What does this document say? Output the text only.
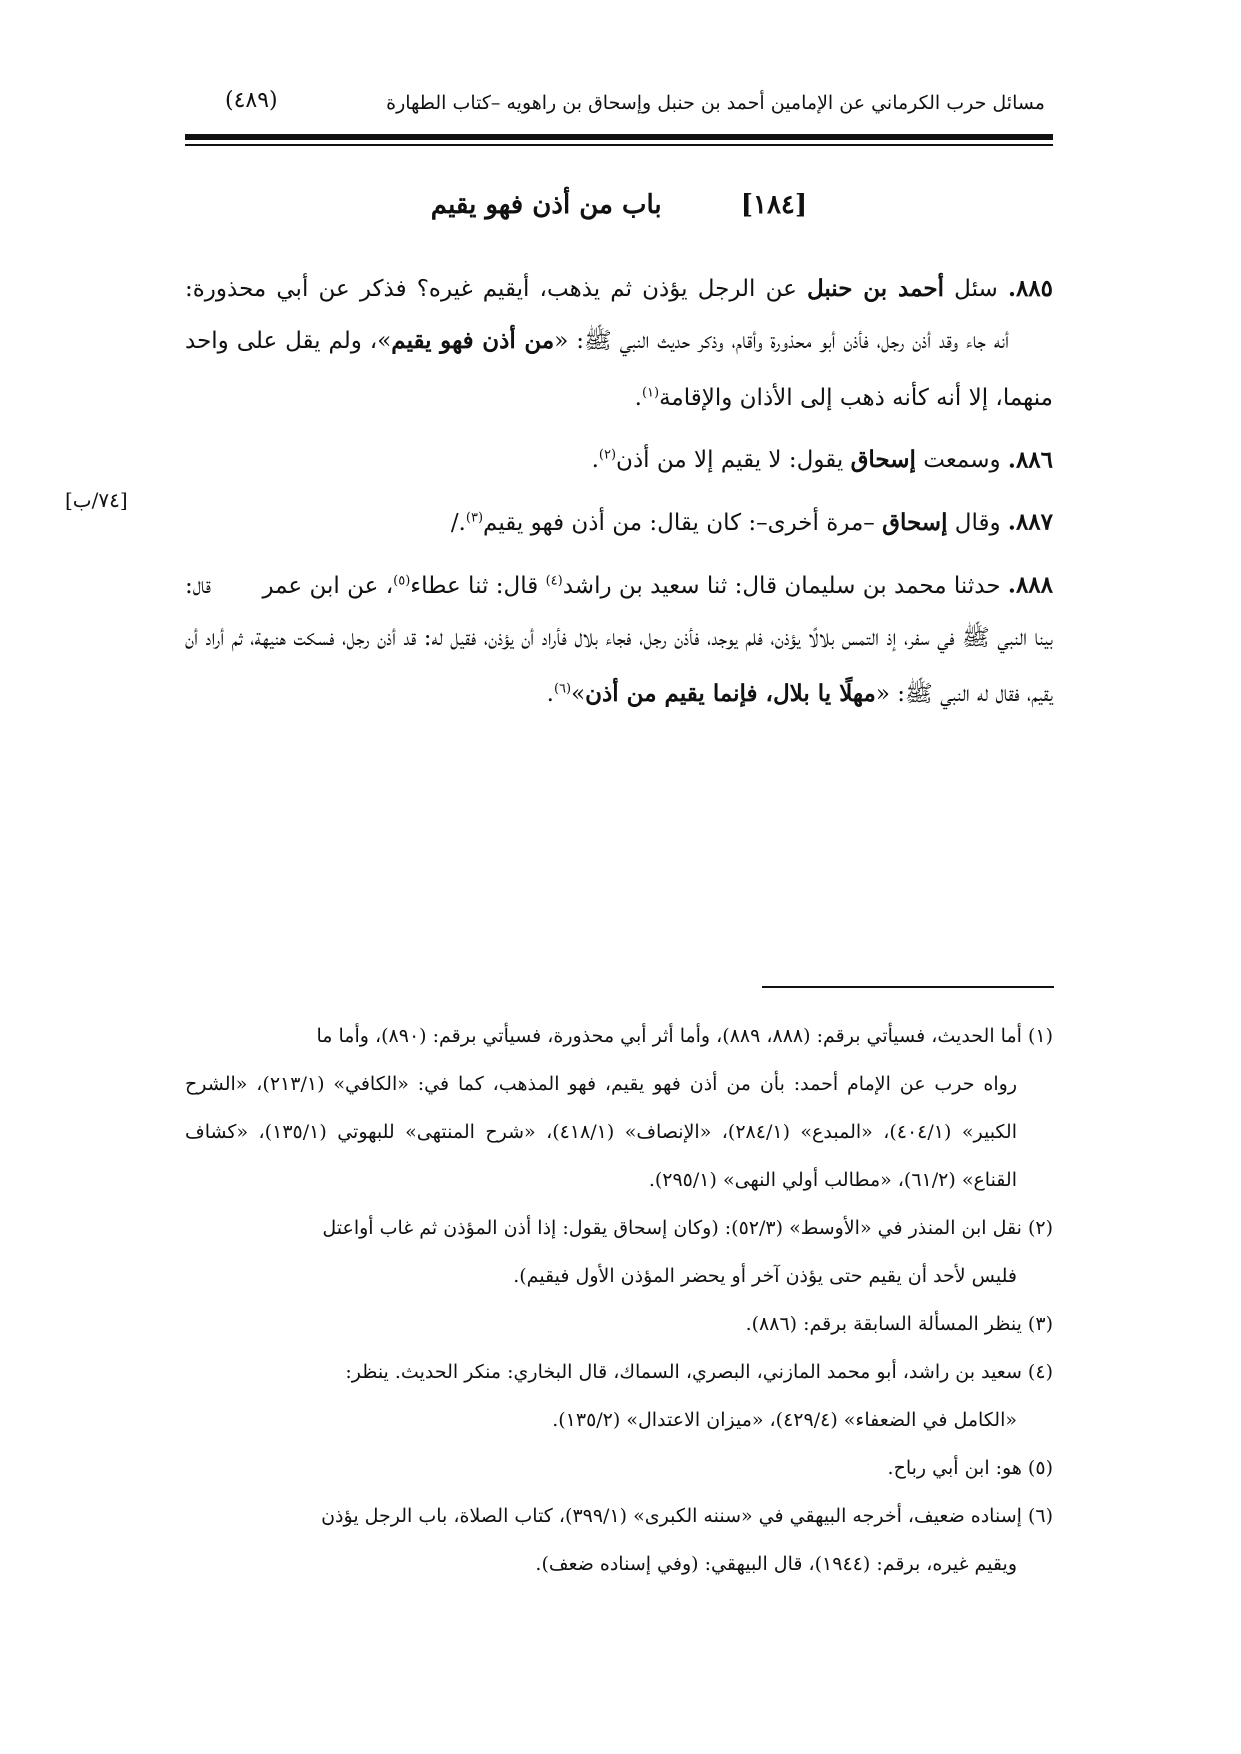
مسائل حرب الكرماني عن الإمامين أحمد بن حنبل وإسحاق بن راهويه –كتاب الطهارة
(٤٨٩)
[١٨٤] باب من أذن فهو يقيم
[٧٤/ب]

٨٨٥. سئل أحمد بن حنبل عن الرجل يؤذن ثم يذهب، أيقيم غيره؟ فذكر عن أبي محذورة: أنه جاء وقد أذن رجل، فأذن أبو محذورة وأقام، وذكر حديث النبي ﷺ: «من أذن فهو يقيم»، ولم يقل على واحد منهما، إلا أنه كأنه ذهب إلى الأذان والإقامة$^{(١)}$.

٨٨٦. وسمعت إسحاق يقول: لا يقيم إلا من أذن$^{(٢)}$.

٨٨٧. وقال إسحاق –مرة أخرى–: كان يقال: من أذن فهو يقيم$^{(٣)}$./

٨٨٨. حدثنا محمد بن سليمان قال: ثنا سعيد بن راشد$^{(٤)}$ قال: ثنا عطاء$^{(٥)}$، عن ابن عمر قال: بينا النبي ﷺ في سفر، إذ التمس بلالًا يؤذن، فلم يوجد، فأذن رجل، فجاء بلال فأراد أن يؤذن، فقيل له: قد أذن رجل، فسكت هنيهة، ثم أراد أن يقيم، فقال له النبي ﷺ: «مهلًا يا بلال، فإنما يقيم من أذن»$^{(٦)}$.

(١) أما الحديث، فسيأتي برقم: (٨٨٨، ٨٨٩)، وأما أثر أبي محذورة، فسيأتي برقم: (٨٩٠)، وأما ما
رواه حرب عن الإمام أحمد: بأن من أذن فهو يقيم، فهو المذهب، كما في: «الكافي» (٢١٣/١)، «الشرح الكبير» (٤٠٤/١)، «المبدع» (٢٨٤/١)، «الإنصاف» (٤١٨/١)، «شرح المنتهى» للبهوتي (١٣٥/١)، «كشاف القناع» (٦١/٢)، «مطالب أولي النهى» (٢٩٥/١).

(٢) نقل ابن المنذر في «الأوسط» (٥٢/٣): (وكان إسحاق يقول: إذا أذن المؤذن ثم غاب أواعتل
فليس لأحد أن يقيم حتى يؤذن آخر أو يحضر المؤذن الأول فيقيم).

(٣) ينظر المسألة السابقة برقم: (٨٨٦).

(٤) سعيد بن راشد، أبو محمد المازني، البصري، السماك، قال البخاري: منكر الحديث. ينظر:
«الكامل في الضعفاء» (٤٢٩/٤)، «ميزان الاعتدال» (١٣٥/٢).

(٥) هو: ابن أبي رباح.

(٦) إسناده ضعيف، أخرجه البيهقي في «سننه الكبرى» (٣٩٩/١)، كتاب الصلاة، باب الرجل يؤذن
ويقيم غيره، برقم: (١٩٤٤)، قال البيهقي: (وفي إسناده ضعف).
